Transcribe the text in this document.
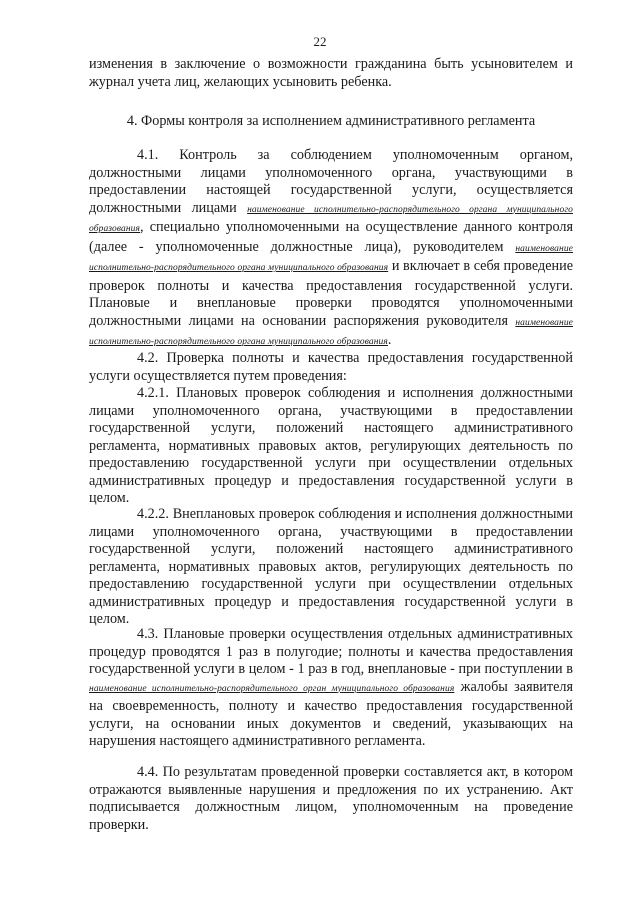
22

изменения в заключение о возможности гражданина быть усыновителем и журнал учета лиц, желающих усыновить ребенка.

4. Формы контроля за исполнением административного регламента

4.1. Контроль за соблюдением уполномоченным органом, должностными лицами уполномоченного органа, участвующими в предоставлении настоящей государственной услуги, осуществляется должностными лицами наименование исполнительно-распорядительного органа муниципального образования, специально уполномоченными на осуществление данного контроля (далее - уполномоченные должностные лица), руководителем наименование исполнительно-распорядительного органа муниципального образования и включает в себя проведение проверок полноты и качества предоставления государственной услуги. Плановые и внеплановые проверки проводятся уполномоченными должностными лицами на основании распоряжения руководителя наименование исполнительно-распорядительного органа муниципального образования.

4.2. Проверка полноты и качества предоставления государственной услуги осуществляется путем проведения:

4.2.1. Плановых проверок соблюдения и исполнения должностными лицами уполномоченного органа, участвующими в предоставлении государственной услуги, положений настоящего административного регламента, нормативных правовых актов, регулирующих деятельность по предоставлению государственной услуги при осуществлении отдельных административных процедур и предоставления государственной услуги в целом.

4.2.2. Внеплановых проверок соблюдения и исполнения должностными лицами уполномоченного органа, участвующими в предоставлении государственной услуги, положений настоящего административного регламента, нормативных правовых актов, регулирующих деятельность по предоставлению государственной услуги при осуществлении отдельных административных процедур и предоставления государственной услуги в целом.

4.3. Плановые проверки осуществления отдельных административных процедур проводятся 1 раз в полугодие; полноты и качества предоставления государственной услуги в целом - 1 раз в год, внеплановые - при поступлении в наименование исполнительно-распорядительного орган муниципального образования жалобы заявителя на своевременность, полноту и качество предоставления государственной услуги, на основании иных документов и сведений, указывающих на нарушения настоящего административного регламента.

4.4. По результатам проведенной проверки составляется акт, в котором отражаются выявленные нарушения и предложения по их устранению. Акт подписывается должностным лицом, уполномоченным на проведение проверки.
